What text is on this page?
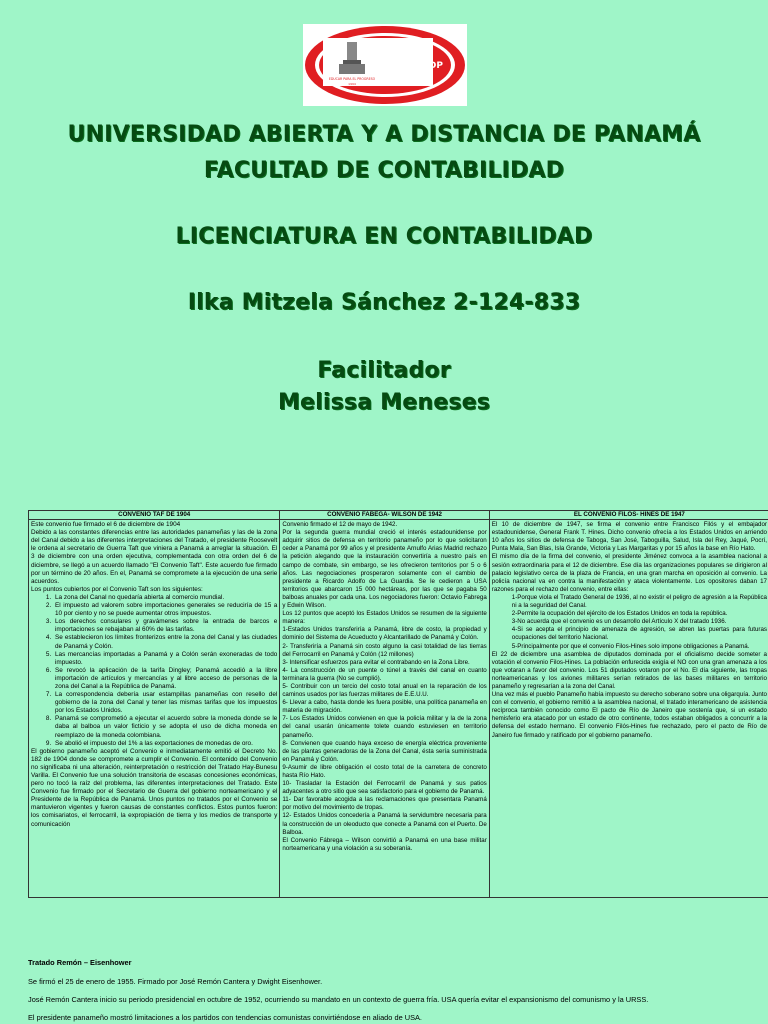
EDUCAR PARA EL PROGRESO
1994
UNADP
UNIVERSIDAD ABIERTA Y A DISTANCIA DE PANAMÁ
FACULTAD DE CONTABILIDAD
LICENCIATURA EN CONTABILIDAD
Ilka Mitzela Sánchez 2-124-833
Facilitador
Melissa Meneses
CONVENIO TAF DE 1904

Este convenio fue firmado el 6 de diciembre de 1904

Debido a las constantes diferencias entre las autoridades panameñas y las de la zona del Canal debido a las diferentes interpretaciones del Tratado, el presidente Roosevelt le ordena al secretario de Guerra Taft que viniera a Panamá a arreglar la situación. El 3 de diciembre con una orden ejecutiva, complementada con otra orden del 6 de diciembre, se llegó a un acuerdo llamado "El Convenio Taft". Este acuerdo fue firmado por un término de 20 años. En el, Panamá se compromete a la ejecución de una serie acuerdos.

Los puntos cubiertos por el Convenio Taft son los siguientes:

1. La zona del Canal no quedaría abierta al comercio mundial.
2. El impuesto ad valorem sobre importaciones generales se reduciría de 15 a 10 por ciento y no se puede aumentar otros impuestos.
3. Los derechos consulares y gravámenes sobre la entrada de barcos e importaciones se rebajaban al 60% de las tarifas.
4. Se establecieron los límites fronterizos entre la zona del Canal y las ciudades de Panamá y Colón.
5. Las mercancías importadas a Panamá y a Colón serán exoneradas de todo impuesto.
6. Se revocó la aplicación de la tarifa Dingley; Panamá accedió a la libre importación de artículos y mercancías y al libre acceso de personas de la zona del Canal a la República de Panamá.
7. La correspondencia debería usar estampillas panameñas con resello del gobierno de la zona del Canal y tener las mismas tarifas que los impuestos por los Estados Unidos.
8. Panamá se comprometió a ejecutar el acuerdo sobre la moneda donde se le daba al balboa un valor ficticio y se adopta el uso de dicha moneda en reemplazo de la moneda colombiana.
9. Se abolió el impuesto del 1% a las exportaciones de monedas de oro.

El gobierno panameño aceptó el Convenio e inmediatamente emitió el Decreto No. 182 de 1904 donde se compromete a cumplir el Convenio. El contenido del Convenio no significaba ni una alteración, reinterpretación o restricción del Tratado Hay-Bunesu Varilla. El Convenio fue una solución transitoria de escasas concesiones económicas, pero no tocó la raíz del problema, las diferentes interpretaciones del Tratado. Este Convenio fue firmado por el Secretario de Guerra del gobierno norteamericano y el Presidente de la República de Panamá. Unos puntos no tratados por el Convenio se mantuvieron vigentes y fueron causas de constantes conflictos. Estos puntos fueron: los comisariatos, el ferrocarril, la expropiación de tierra y los medios de transporte y comunicación

CONVENIO FABEGA- WILSON DE 1942

Convenio firmado el 12 de mayo de 1942.

Por la segunda guerra mundial creció el interés estadounidense por adquirir sitios de defensa en territorio panameño por lo que solicitaron ceder a Panamá por 99 años y el presidente Arnulfo Arias Madrid rechazo la petición alegando que la instauración convertiría a nuestro país en campo de combate, sin embargo, se les ofrecieron territorios por 5 o 6 años. Las negociaciones prosperaron solamente con el cambio de presidente a Ricardo Adolfo de La Guardia. Se le cedieron a USA territorios que abarcaron 15 000 hectáreas, por las que se pagaba 50 balboas anuales por cada una. Los negociadores fueron: Octavio Fabrega y Edwin Wilson.

Los 12 puntos que aceptó los Estados Unidos se resumen de la siguiente manera:

1-Estados Unidos transferiría a Panamá, libre de costo, la propiedad y dominio del Sistema de Acueducto y Alcantarillado de Panamá y Colón.

2- Transferiría a Panamá sin costo alguno la casi totalidad de las tierras del Ferrocarril en Panamá y Colón (12 millones)

3- Intensificar esfuerzos para evitar el contrabando en la Zona Libre.

4- La construcción de un puente o túnel a través del canal en cuanto terminara la guerra (No se cumplió).

5- Contribuir con un tercio del costo total anual en la reparación de los caminos usados por las fuerzas militares de E.E.U.U.

6- Llevar a cabo, hasta donde les fuera posible, una política panameña en materia de migración.

7- Los Estados Unidos convienen en que la policía militar y la de la zona del canal usarán únicamente tolete cuando estuviesen en territorio panameño.

8- Convienen que cuando haya exceso de energía eléctrica proveniente de las plantas generadoras de la Zona del Canal, ésta sería suministrada en Panamá y Colón.

9-Asumir de libre obligación el costo total de la carretera de concreto hasta Río Hato.

10- Trasladar la Estación del Ferrocarril de Panamá y sus patios adyacentes a otro sitio que sea satisfactorio para el gobierno de Panamá.

11- Dar favorable acogida a las reclamaciones que presentara Panamá por motivo del movimiento de tropas.

12- Estados Unidos concedería a Panamá la servidumbre necesaria para la construcción de un oleoducto que conecte a Panamá con el Puerto. De Balboa.

El Convenio Fábrega – Wilson convirtió a Panamá en una base militar norteamericana y una violación a su soberanía.

EL CONVENIO FILOS- HINES DE 1947

El 10 de diciembre de 1947, se firma el convenio entre Francisco Filós y el embajador estadounidense, General Frank T. Hines. Dicho convenio ofrecía a los Estados Unidos en arriendo 10 años los sitios de defensa de Taboga, San José, Taboguilla, Salud, Isla del Rey, Jaqué, Pocrí, Punta Mala, San Blas, Isla Grande, Victoria y Las Margaritas y por 15 años la base en Río Hato.

El mismo día de la firma del convenio, el presidente Jiménez convoca a la asamblea nacional a sesión extraordinaria para el 12 de diciembre. Ese día las organizaciones populares se dirigieron al palacio legislativo cerca de la plaza de Francia, en una gran marcha en oposición al convenio. La policía nacional va en contra la manifestación y ataca violentamente. Los opositores daban 17 razones para el rechazo del convenio, entre ellas:

1-Porque viola el Tratado General de 1936, al no existir el peligro de agresión a la República ni a la seguridad del Canal.
2-Permite la ocupación del ejército de los Estados Unidos en toda la república.
3-No acuerda que el convenio es un desarrollo del Artículo X del tratado 1936.
4-Si se acepta el principio de amenaza de agresión, se abren las puertas para futuras ocupaciones del territorio Nacional.
5-Principalmente por que el convenio Filos-Hines solo impone obligaciones a Panamá.

El 22 de diciembre una asamblea de diputados dominada por el oficialismo decide someter a votación el convenio Filos-Hines. La población enfurecida exigía el NO con una gran amenaza a los que votaran a favor del convenio. Los 51 diputados votaron por el No. El día siguiente, las tropas norteamericanas y los aviones militares serían retirados de las bases militares en territorio panameño y regresarían a la zona del Canal.

Una vez más el pueblo Panameño había impuesto su derecho soberano sobre una oligarquía. Junto con el convenio, el gobierno remitió a la asamblea nacional, el tratado interamericano de asistencia recíproca también conocido como El pacto de Río de Janeiro que sostenía que, si un estado hemisferio era atacado por un estado de otro continente, todos estaban obligados a concurrir a la defensa del estado hermano. El convenio Filós-Hines fue rechazado, pero el pacto de Río de Janeiro fue firmado y ratificado por el gobierno panameño.

Tratado Remón – Eisenhower
Se firmó el 25 de enero de 1955. Firmado por José Remón Cantera y Dwight Eisenhower.
José Remón Cantera inicio su periodo presidencial en octubre de 1952, ocurriendo su mandato en un contexto de guerra fría. USA quería evitar el expansionismo del comunismo y la URSS.
El presidente panameño mostró limitaciones a los partidos con tendencias comunistas convirtiéndose en aliado de USA.
